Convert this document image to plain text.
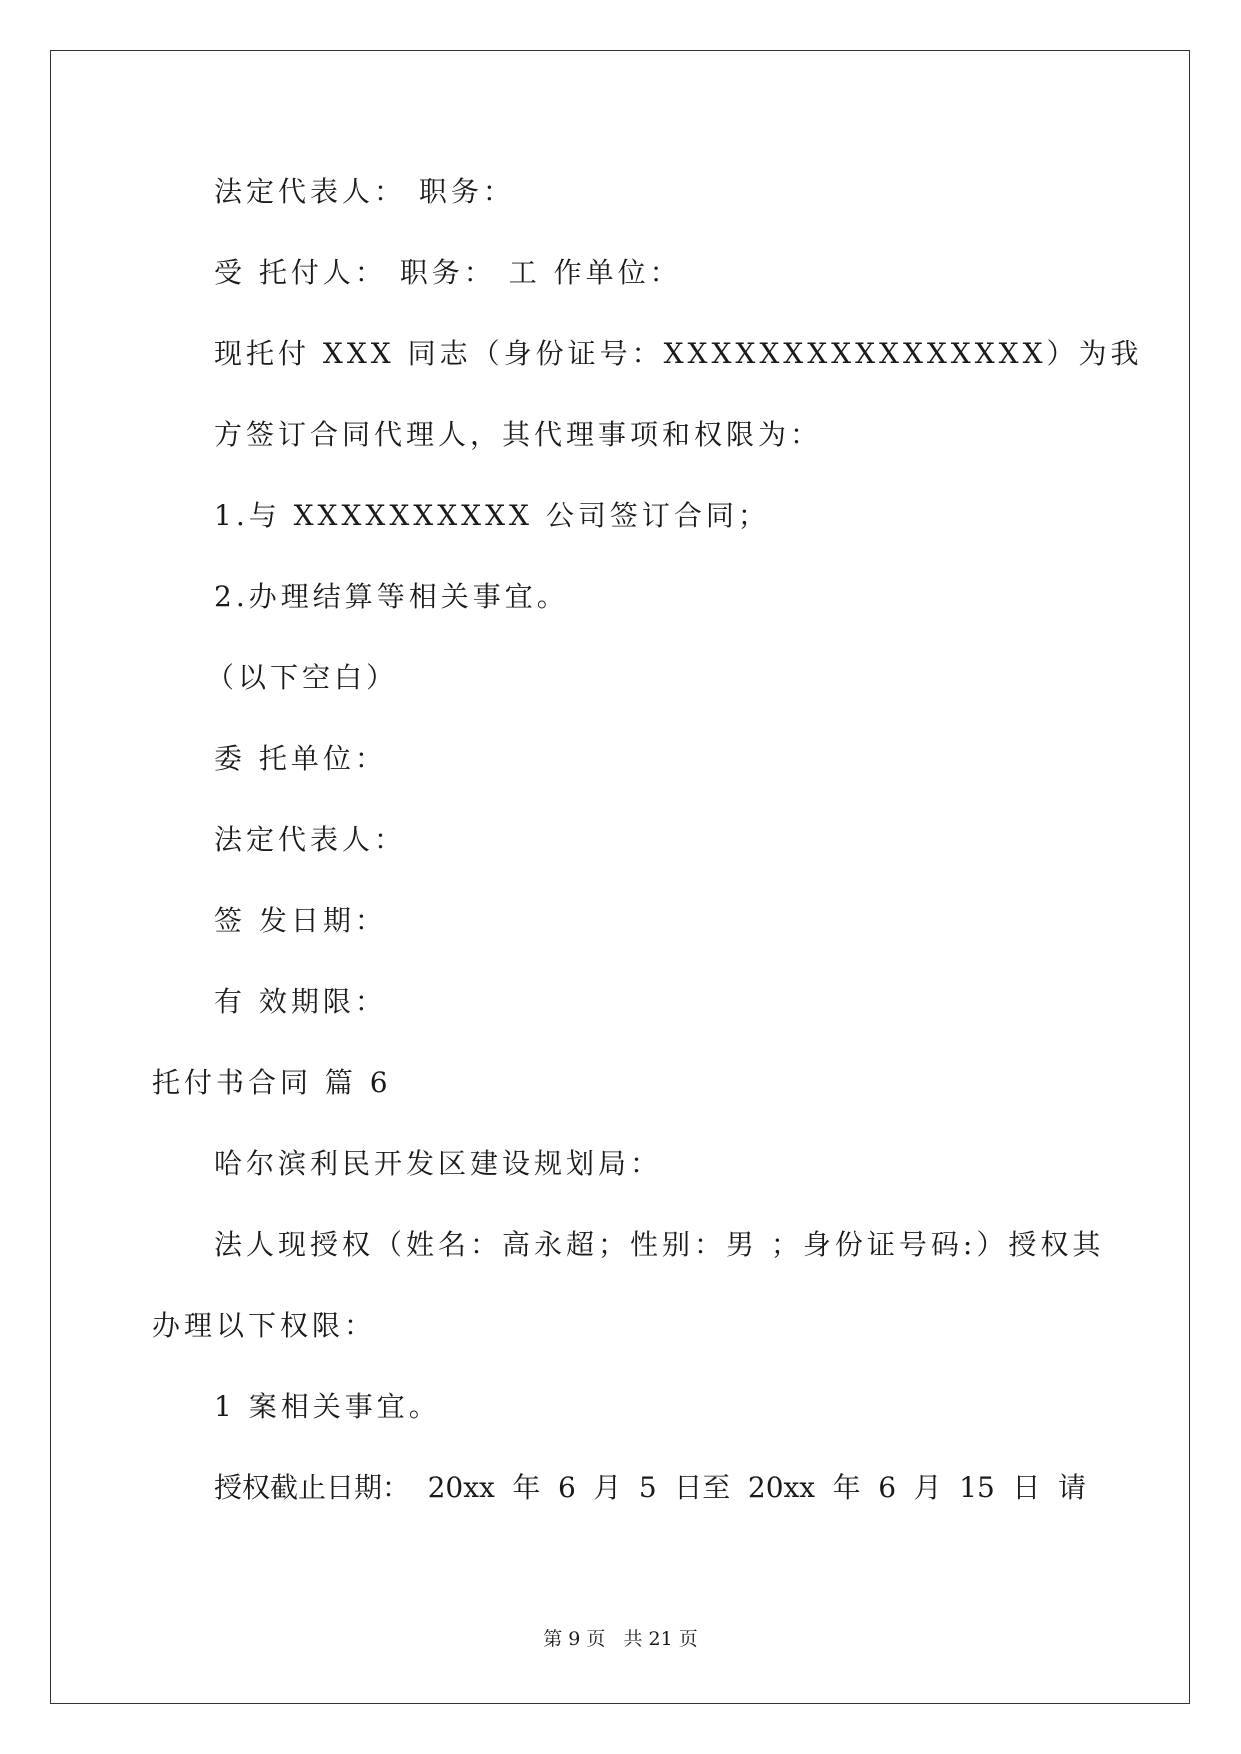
法定代表人： 职务：
受 托付人： 职务： 工 作单位：
现托付 XXX 同志（身份证号：XXXXXXXXXXXXXXXX）为我
方签订合同代理人，其代理事项和权限为：
1.与 XXXXXXXXXX 公司签订合同；
2.办理结算等相关事宜。
（以下空白）
委 托单位：
法定代表人：
签 发日期：
有 效期限：
托付书合同 篇 6
哈尔滨利民开发区建设规划局：
法人现授权（姓名：高永超；性别：男 ；身份证号码:）授权其
办理以下权限：
1 案相关事宜。
授权截止日期： 20xx 年 6 月 5 日至 20xx 年 6 月 15 日 请
第 9 页   共 21 页
